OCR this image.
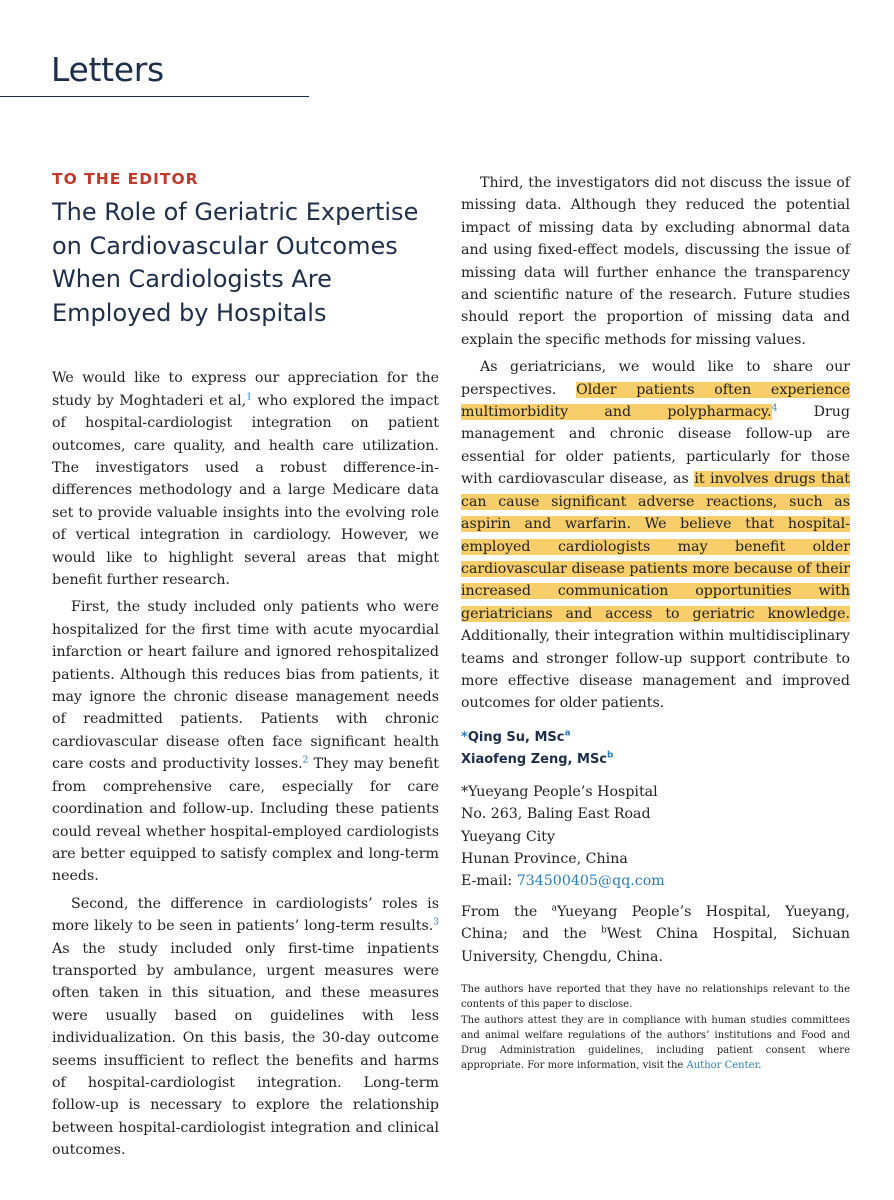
Letters
TO THE EDITOR
The Role of Geriatric Expertise on Cardiovascular Outcomes When Cardiologists Are Employed by Hospitals

We would like to express our appreciation for the study by Moghtaderi et al,$^1$ who explored the impact of hospital-cardiologist integration on patient outcomes, care quality, and health care utilization. The investigators used a robust difference-in-differences methodology and a large Medicare data set to provide valuable insights into the evolving role of vertical integration in cardiology. However, we would like to highlight several areas that might benefit further research.

First, the study included only patients who were hospitalized for the first time with acute myocardial infarction or heart failure and ignored rehospitalized patients. Although this reduces bias from patients, it may ignore the chronic disease management needs of readmitted patients. Patients with chronic cardiovascular disease often face significant health care costs and productivity losses.$^2$ They may benefit from comprehensive care, especially for care coordination and follow-up. Including these patients could reveal whether hospital-employed cardiologists are better equipped to satisfy complex and long-term needs.

Second, the difference in cardiologists’ roles is more likely to be seen in patients’ long-term results.$^3$ As the study included only first-time inpatients transported by ambulance, urgent measures were often taken in this situation, and these measures were usually based on guidelines with less individualization. On this basis, the 30-day outcome seems insufficient to reflect the benefits and harms of hospital-cardiologist integration. Long-term follow-up is necessary to explore the relationship between hospital-cardiologist integration and clinical outcomes.

Third, the investigators did not discuss the issue of missing data. Although they reduced the potential impact of missing data by excluding abnormal data and using fixed-effect models, discussing the issue of missing data will further enhance the transparency and scientific nature of the research. Future studies should report the proportion of missing data and explain the specific methods for missing values.

As geriatricians, we would like to share our perspectives. Older patients often experience multimorbidity and polypharmacy.$^4$ Drug management and chronic disease follow-up are essential for older patients, particularly for those with cardiovascular disease, as it involves drugs that can cause significant adverse reactions, such as aspirin and warfarin. We believe that hospital-employed cardiologists may benefit older cardiovascular disease patients more because of their increased communication opportunities with geriatricians and access to geriatric knowledge. Additionally, their integration within multidisciplinary teams and stronger follow-up support contribute to more effective disease management and improved outcomes for older patients.

*Qing Su, MSc$^a$
Xiaofeng Zeng, MSc$^b$
*Yueyang People’s Hospital
No. 263, Baling East Road
Yueyang City
Hunan Province, China
E-mail: 734500405@qq.com
From the $^a$Yueyang People’s Hospital, Yueyang, China; and the $^b$West China Hospital, Sichuan University, Chengdu, China.
The authors have reported that they have no relationships relevant to the contents of this paper to disclose.
The authors attest they are in compliance with human studies committees and animal welfare regulations of the authors’ institutions and Food and Drug Administration guidelines, including patient consent where appropriate. For more information, visit the Author Center.
